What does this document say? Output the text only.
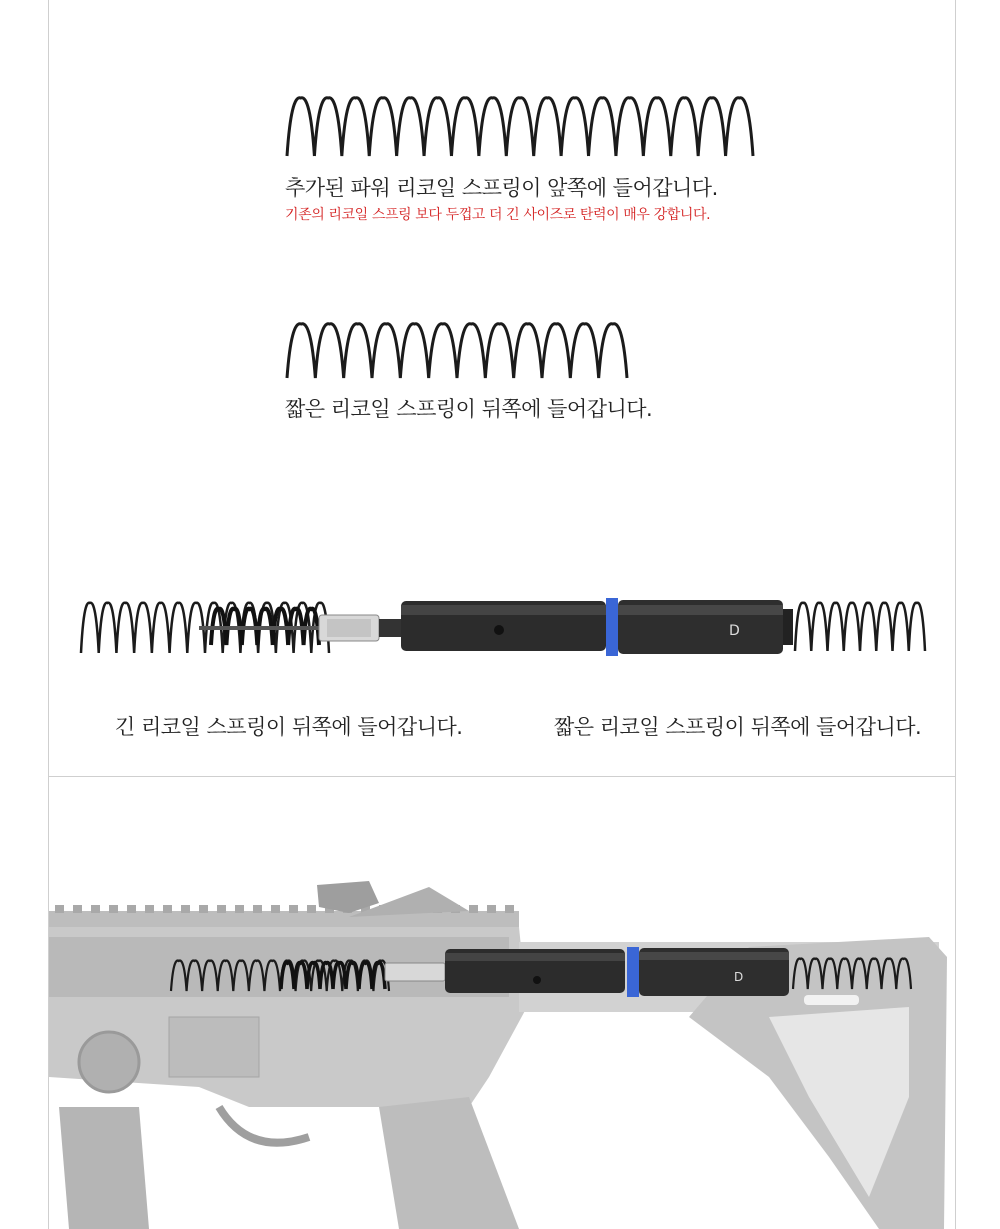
추가된 파워 리코일 스프링이 앞쪽에 들어갑니다.
기존의 리코일 스프링 보다 두껍고 더 긴 사이즈로 탄력이 매우 강합니다.
짧은 리코일 스프링이 뒤쪽에 들어갑니다.
D
긴 리코일 스프링이 뒤쪽에 들어갑니다.	짧은 리코일 스프링이 뒤쪽에 들어갑니다.
D
